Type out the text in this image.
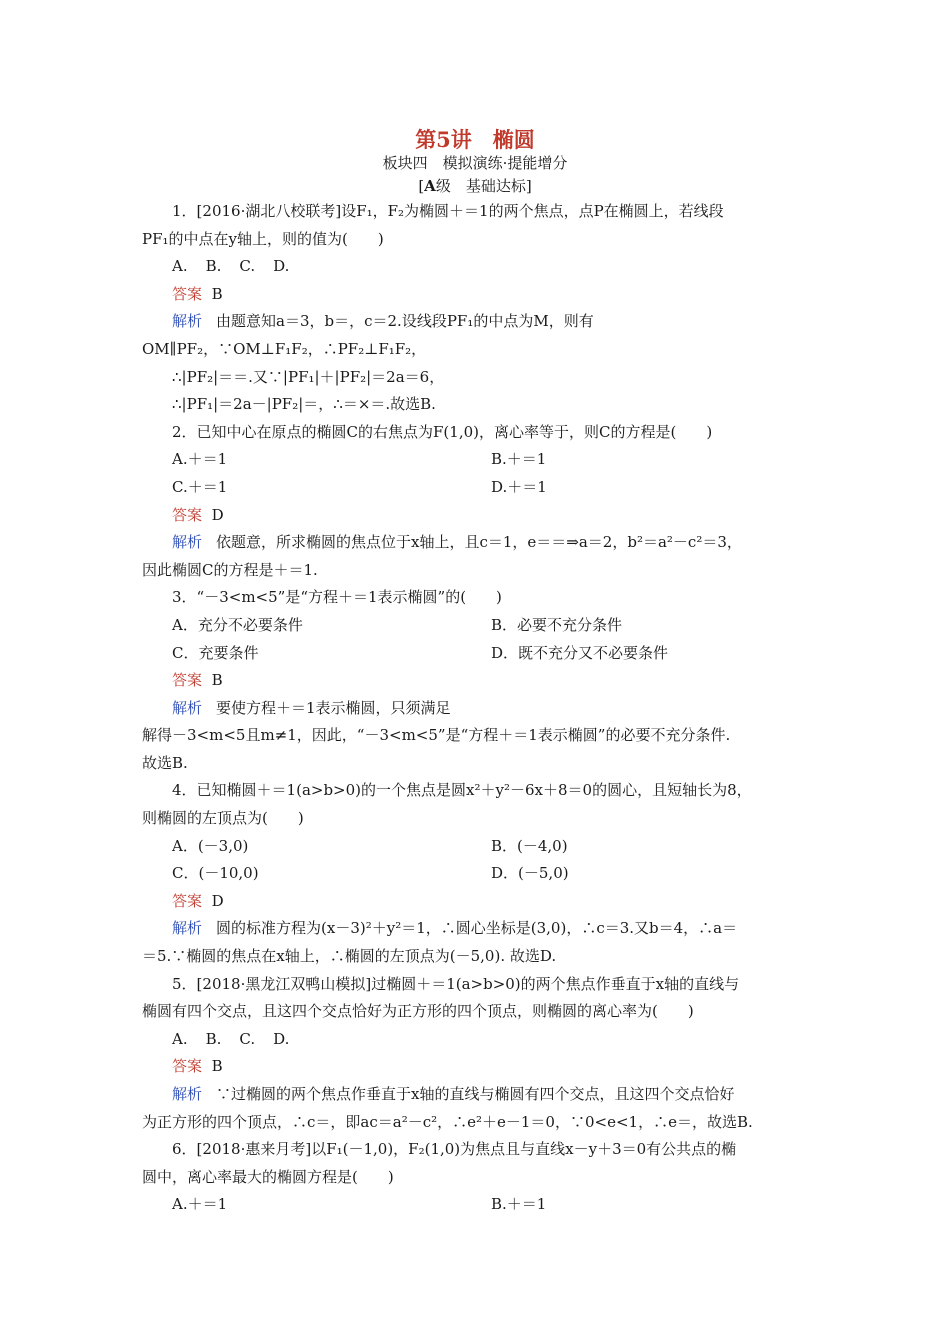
第5讲　椭圆
板块四　模拟演练·提能增分
[A级　基础达标]
1．[2016·湖北八校联考]设F₁，F₂为椭圆＋＝1的两个焦点，点P在椭圆上，若线段
PF₁的中点在y轴上，则的值为(　　)
A. B. C. D.
答案 B
解析 由题意知a＝3，b＝，c＝2.设线段PF₁的中点为M，则有
OM∥PF₂，∵OM⊥F₁F₂，∴PF₂⊥F₁F₂，
∴|PF₂|＝＝.又∵|PF₁|＋|PF₂|＝2a＝6，
∴|PF₁|＝2a－|PF₂|＝，∴＝×＝.故选B.
2．已知中心在原点的椭圆C的右焦点为F(1,0)，离心率等于，则C的方程是(　　)
A.＋＝1	B.＋＝1
C.＋＝1	D.＋＝1
答案 D
解析 依题意，所求椭圆的焦点位于x轴上，且c＝1，e＝＝⇒a＝2，b²＝a²－c²＝3，
因此椭圆C的方程是＋＝1.
3．“－3<m<5”是“方程＋＝1表示椭圆”的(　　)
A．充分不必要条件	B．必要不充分条件
C．充要条件	D．既不充分又不必要条件
答案 B
解析 要使方程＋＝1表示椭圆，只须满足
解得－3<m<5且m≠1，因此，“－3<m<5”是“方程＋＝1表示椭圆”的必要不充分条件.
故选B.
4．已知椭圆＋＝1(a>b>0)的一个焦点是圆x²＋y²－6x＋8＝0的圆心，且短轴长为8，
则椭圆的左顶点为(　　)
A．(－3,0)	B．(－4,0)
C．(－10,0)	D．(－5,0)
答案 D
解析 圆的标准方程为(x－3)²＋y²＝1，∴圆心坐标是(3,0)，∴c＝3.又b＝4，∴a＝
＝5.∵椭圆的焦点在x轴上，∴椭圆的左顶点为(－5,0). 故选D.
5．[2018·黑龙江双鸭山模拟]过椭圆＋＝1(a>b>0)的两个焦点作垂直于x轴的直线与
椭圆有四个交点，且这四个交点恰好为正方形的四个顶点，则椭圆的离心率为(　　)
A. B. C. D.
答案 B
解析 ∵过椭圆的两个焦点作垂直于x轴的直线与椭圆有四个交点，且这四个交点恰好
为正方形的四个顶点，∴c＝，即ac＝a²－c²，∴e²＋e－1＝0，∵0<e<1，∴e＝，故选B.
6．[2018·惠来月考]以F₁(－1,0)，F₂(1,0)为焦点且与直线x－y＋3＝0有公共点的椭
圆中，离心率最大的椭圆方程是(　　)
A.＋＝1	B.＋＝1
